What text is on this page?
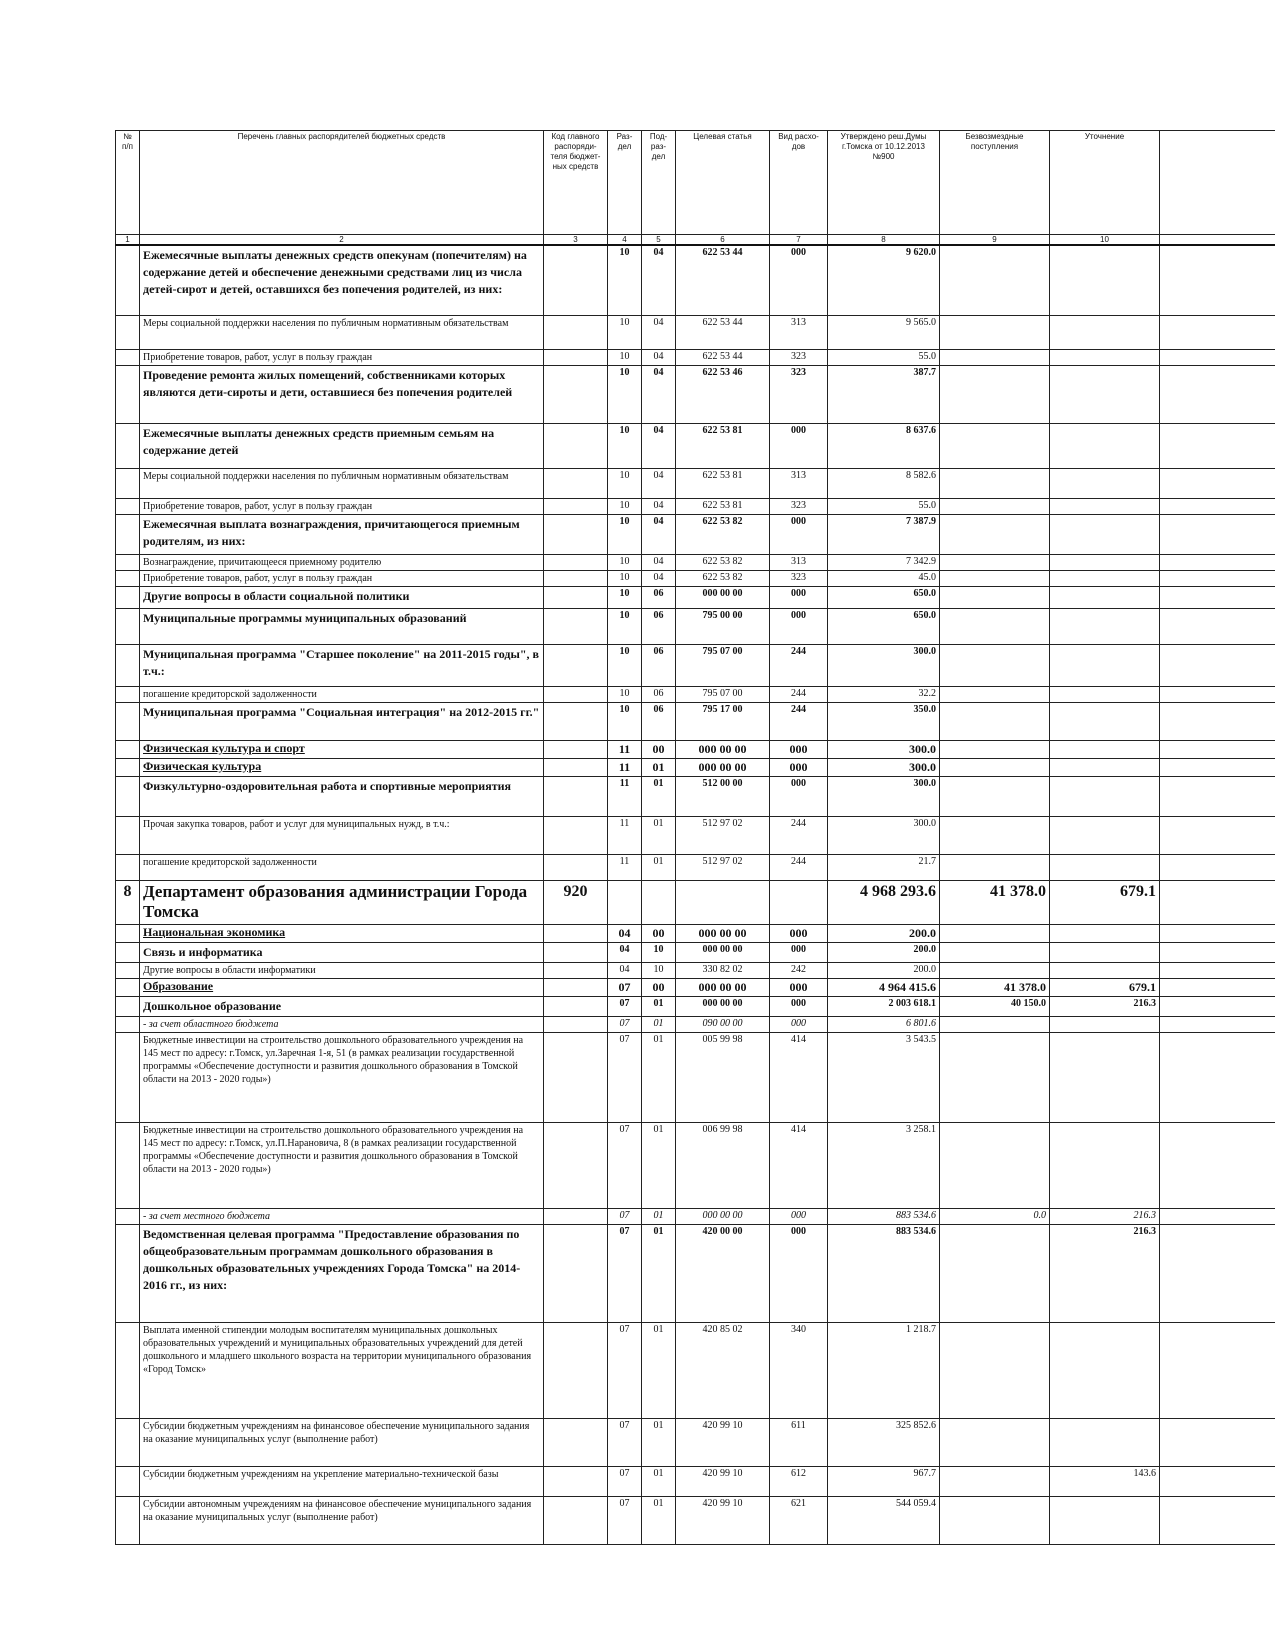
№ п/п	Перечень главных распорядителей бюджетных средств	Код главного распоряди- теля бюджет- ных средств	Раз- дел	Под- раз- дел	Целевая статья	Вид расхо- дов	Утверждено реш.Думы г.Томска от 10.12.2013 №900	Безвозмездные поступления	Уточнение	
1	2	3	4	5	6	7	8	9	10	
	Ежемесячные выплаты денежных средств опекунам (попечителям) на содержание детей и обеспечение денежными средствами лиц из числа детей-сирот и детей, оставшихся без попечения родителей, из них:		10	04	622 53 44	000	9 620.0			
	Меры социальной поддержки населения по публичным нормативным обязательствам		10	04	622 53 44	313	9 565.0			
	Приобретение товаров, работ, услуг в пользу граждан		10	04	622 53 44	323	55.0			
	Проведение ремонта жилых помещений, собственниками которых являются дети-сироты и дети, оставшиеся без попечения родителей		10	04	622 53 46	323	387.7			
	Ежемесячные выплаты денежных средств приемным семьям на содержание детей		10	04	622 53 81	000	8 637.6			
	Меры социальной поддержки населения по публичным нормативным обязательствам		10	04	622 53 81	313	8 582.6			
	Приобретение товаров, работ, услуг в пользу граждан		10	04	622 53 81	323	55.0			
	Ежемесячная выплата вознаграждения, причитающегося приемным родителям, из них:		10	04	622 53 82	000	7 387.9			
	Вознаграждение, причитающееся приемному родителю		10	04	622 53 82	313	7 342.9			
	Приобретение товаров, работ, услуг в пользу граждан		10	04	622 53 82	323	45.0			
	Другие вопросы в области социальной политики		10	06	000 00 00	000	650.0			
	Муниципальные программы муниципальных образований		10	06	795 00 00	000	650.0			
	Муниципальная программа "Старшее поколение" на 2011-2015 годы", в т.ч.:		10	06	795 07 00	244	300.0			
	погашение кредиторской задолженности		10	06	795 07 00	244	32.2			
	Муниципальная программа "Социальная интеграция" на 2012-2015 гг."		10	06	795 17 00	244	350.0			
	Физическая культура и спорт		11	00	000 00 00	000	300.0			
	Физическая культура		11	01	000 00 00	000	300.0			
	Физкультурно-оздоровительная работа и спортивные мероприятия		11	01	512 00 00	000	300.0			
	Прочая закупка товаров, работ и услуг для муниципальных нужд, в т.ч.:		11	01	512 97 02	244	300.0			
	погашение кредиторской задолженности		11	01	512 97 02	244	21.7			
8	Департамент образования администрации Города Томска	920					4 968 293.6	41 378.0	679.1	
	Национальная экономика		04	00	000 00 00	000	200.0			
	Связь и информатика		04	10	000 00 00	000	200.0			
	Другие вопросы в области информатики		04	10	330 82 02	242	200.0			
	Образование		07	00	000 00 00	000	4 964 415.6	41 378.0	679.1	
	Дошкольное образование		07	01	000 00 00	000	2 003 618.1	40 150.0	216.3	
	- за счет областного бюджета		07	01	090 00 00	000	6 801.6			
	Бюджетные инвестиции на строительство дошкольного образовательного учреждения на 145 мест по адресу: г.Томск, ул.Заречная 1-я, 51 (в рамках реализации государственной программы «Обеспечение доступности и развития дошкольного образования в Томской области на 2013 - 2020 годы»)		07	01	005 99 98	414	3 543.5			
	Бюджетные инвестиции на строительство дошкольного образовательного учреждения на 145 мест по адресу: г.Томск, ул.П.Нарановича, 8 (в рамках реализации государственной программы «Обеспечение доступности и развития дошкольного образования в Томской области на 2013 - 2020 годы»)		07	01	006 99 98	414	3 258.1			
	- за счет местного бюджета		07	01	000 00 00	000	883 534.6	0.0	216.3	
	Ведомственная целевая программа "Предоставление образования по общеобразовательным программам дошкольного образования в дошкольных образовательных учреждениях Города Томска" на 2014-2016 гг., из них:		07	01	420 00 00	000	883 534.6		216.3	
	Выплата именной стипендии молодым воспитателям муниципальных дошкольных образовательных учреждений и муниципальных образовательных учреждений для детей дошкольного и младшего школьного возраста на территории муниципального образования «Город Томск»		07	01	420 85 02	340	1 218.7			
	Субсидии бюджетным учреждениям на финансовое обеспечение муниципального задания на оказание муниципальных услуг (выполнение работ)		07	01	420 99 10	611	325 852.6			
	Субсидии бюджетным учреждениям на укрепление материально-технической базы		07	01	420 99 10	612	967.7		143.6	
	Субсидии автономным учреждениям на финансовое обеспечение муниципального задания на оказание муниципальных услуг (выполнение работ)		07	01	420 99 10	621	544 059.4			
